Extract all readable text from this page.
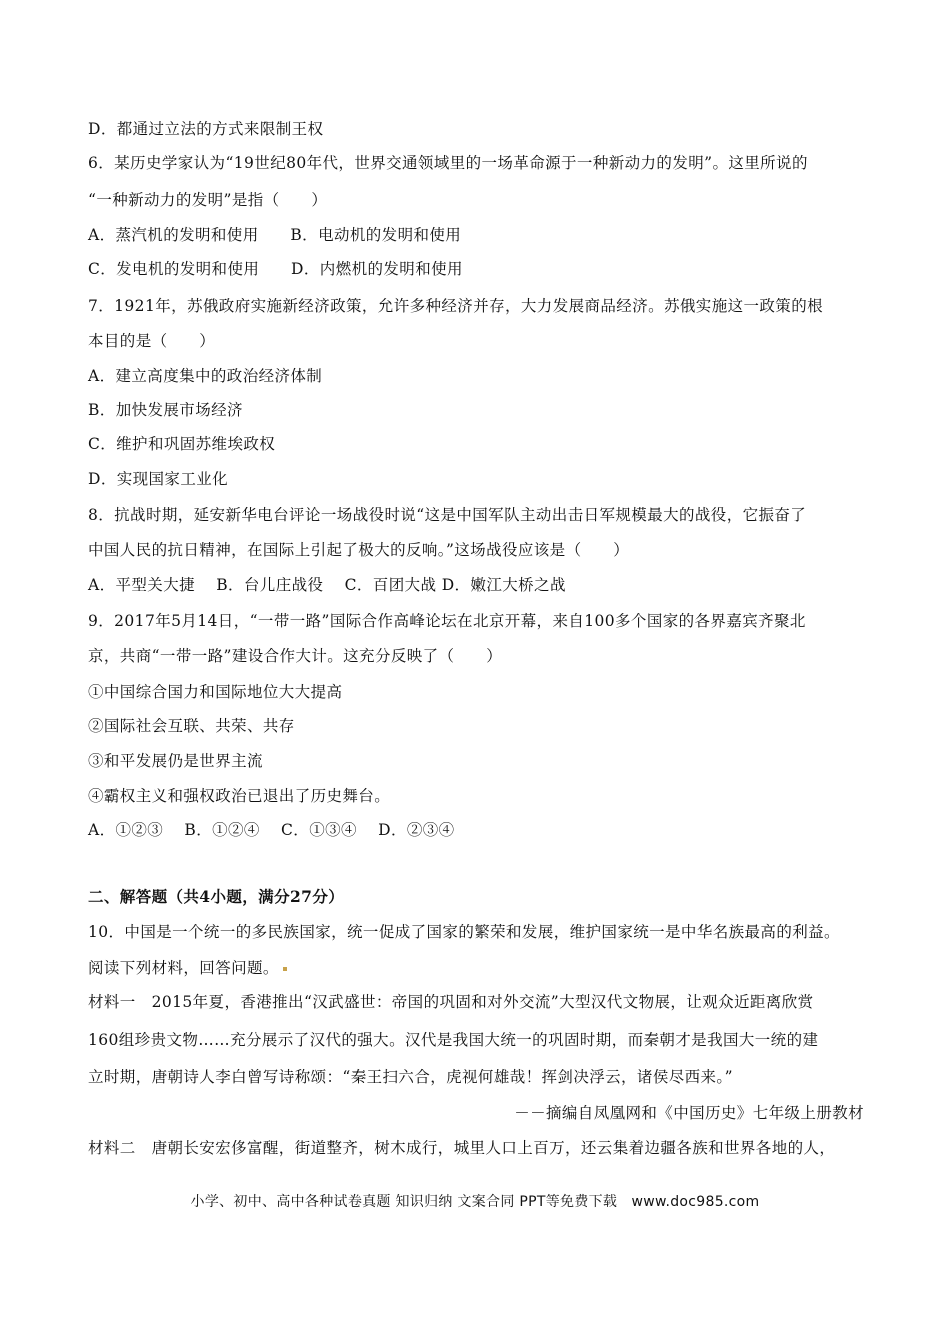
D．都通过立法的方式来限制王权
6．某历史学家认为“19世纪80年代，世界交通领域里的一场革命源于一种新动力的发明”。这里所说的
“一种新动力的发明”是指（　　）
A．蒸汽机的发明和使用　　B．电动机的发明和使用
C．发电机的发明和使用　　D．内燃机的发明和使用
7．1921年，苏俄政府实施新经济政策，允许多种经济并存，大力发展商品经济。苏俄实施这一政策的根
本目的是（　　）
A．建立高度集中的政治经济体制
B．加快发展市场经济
C．维护和巩固苏维埃政权
D．实现国家工业化
8．抗战时期，延安新华电台评论一场战役时说“这是中国军队主动出击日军规模最大的战役，它振奋了
中国人民的抗日精神，在国际上引起了极大的反响。”这场战役应该是（　　）
A．平型关大捷　 B．台儿庄战役　 C．百团大战 D．嫩江大桥之战
9．2017年5月14日，“一带一路”国际合作高峰论坛在北京开幕，来自100多个国家的各界嘉宾齐聚北
京，共商“一带一路”建设合作大计。这充分反映了（　　）
①中国综合国力和国际地位大大提高
②国际社会互联、共荣、共存
③和平发展仍是世界主流
④霸权主义和强权政治已退出了历史舞台。
A．①②③　 B．①②④　 C．①③④　 D．②③④
二、解答题（共4小题，满分27分）
10．中国是一个统一的多民族国家，统一促成了国家的繁荣和发展，维护国家统一是中华名族最高的利益。
阅读下列材料，回答问题。
材料一　2015年夏，香港推出“汉武盛世：帝国的巩固和对外交流”大型汉代文物展，让观众近距离欣赏
160组珍贵文物……充分展示了汉代的强大。汉代是我国大统一的巩固时期，而秦朝才是我国大一统的建
立时期，唐朝诗人李白曾写诗称颂：“秦王扫六合，虎视何雄哉！挥剑决浮云，诸侯尽西来。”
－－摘编自凤凰网和《中国历史》七年级上册教材
材料二　唐朝长安宏侈富醒，街道整齐，树木成行，城里人口上百万，还云集着边疆各族和世界各地的人，
小学、初中、高中各种试卷真题 知识归纳 文案合同 PPT等免费下载　www.doc985.com
